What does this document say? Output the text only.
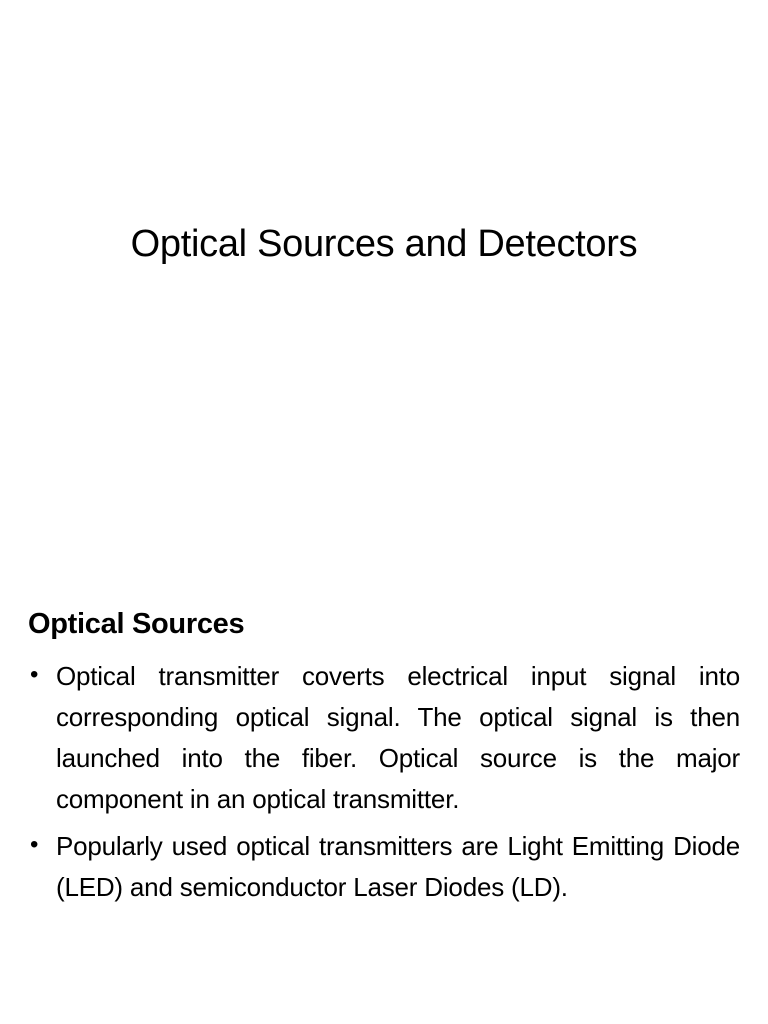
Optical Sources and Detectors
Optical Sources
• Optical transmitter coverts electrical input signal into corresponding optical signal. The optical signal is then launched into the fiber. Optical source is the major component in an optical transmitter.
• Popularly used optical transmitters are Light Emitting Diode (LED) and semiconductor Laser Diodes (LD).
